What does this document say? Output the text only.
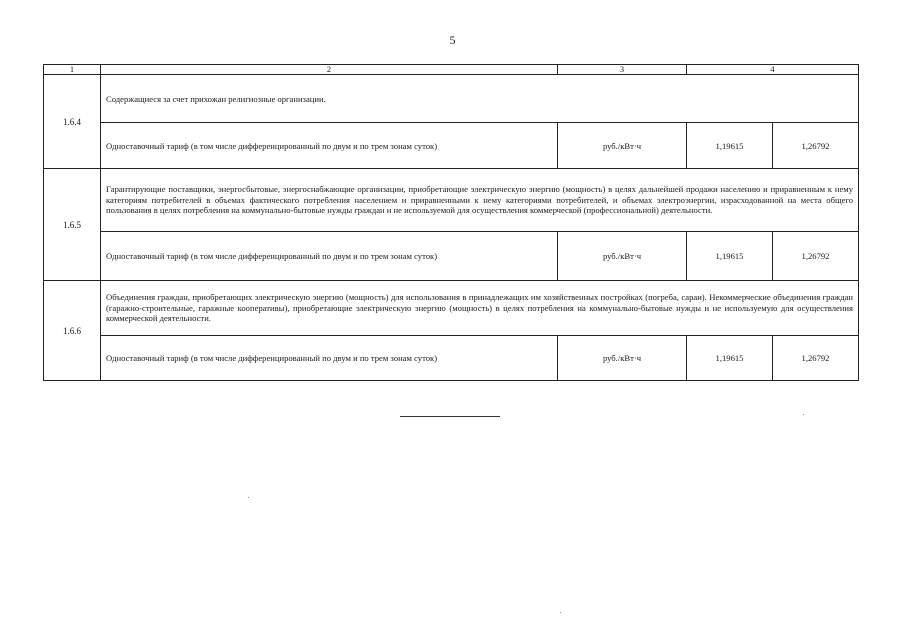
5
1	2	3	4	
1.6.4	Содержащиеся за счет прихожан религиозные организации.			
	Одноставочный тариф (в том числе дифференцированный по двум и по трем зонам суток)	руб./кВт·ч	1,19615	1,26792
1.6.5	Гарантирующие поставщики, энергосбытовые, энергоснабжающие организации, приобретающие электрическую энергию (мощность) в целях дальнейшей продажи населению и приравненным к нему категориям потребителей в объемах фактического потребления населением и приравненными к нему категориями потребителей, и объемах электроэнергии, израсходованной на места общего пользования в целях потребления на коммунально-бытовые нужды граждан и не используемой для осуществления коммерческой (профессиональной) деятельности.			
	Одноставочный тариф (в том числе дифференцированный по двум и по трем зонам суток)	руб./кВт·ч	1,19615	1,26792
1.6.6	Объединения граждан, приобретающих электрическую энергию (мощность) для использования в принадлежащих им хозяйственных постройках (погреба, сараи). Некоммерческие объединения граждан (гаражно-строительные, гаражные кооперативы), приобретающие электрическую энергию (мощность) в целях потребления на коммунально-бытовые нужды и не используемую для осуществления коммерческой деятельности.			
	Одноставочный тариф (в том числе дифференцированный по двум и по трем зонам суток)	руб./кВт·ч	1,19615	1,26792
